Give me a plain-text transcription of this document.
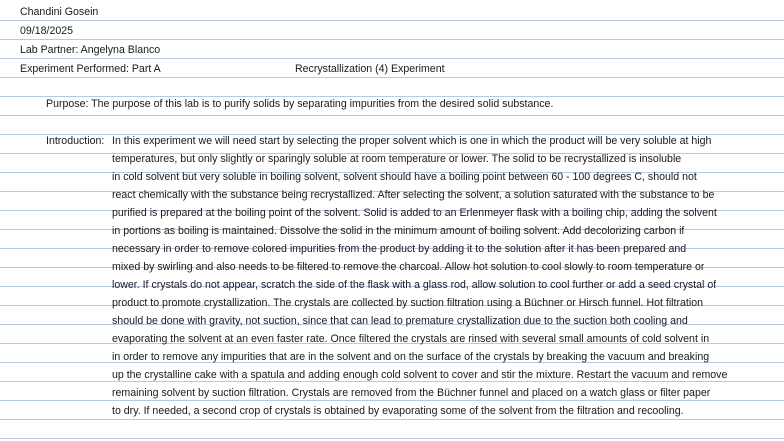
Chandini Gosein
09/18/2025
Lab Partner: Angelyna Blanco
Experiment Performed: Part A	Recrystallization (4) Experiment
Purpose: The purpose of this lab is to purify solids by separating impurities from the desired solid substance.
Introduction: In this experiment we will need start by selecting the proper solvent which is one in which the product will be very soluble at high
temperatures, but only slightly or sparingly soluble at room temperature or lower. The solid to be recrystallized is insoluble
in cold solvent but very soluble in boiling solvent, solvent should have a boiling point between 60 - 100 degrees C, should not
react chemically with the substance being recrystallized. After selecting the solvent, a solution saturated with the substance to be
purified is prepared at the boiling point of the solvent. Solid is added to an Erlenmeyer flask with a boiling chip, adding the solvent
in portions as boiling is maintained. Dissolve the solid in the minimum amount of boiling solvent. Add decolorizing carbon if
necessary in order to remove colored impurities from the product by adding it to the solution after it has been prepared and
mixed by swirling and also needs to be filtered to remove the charcoal. Allow hot solution to cool slowly to room temperature or
lower. If crystals do not appear, scratch the side of the flask with a glass rod, allow solution to cool further or add a seed crystal of
product to promote crystallization. The crystals are collected by suction filtration using a Büchner or Hirsch funnel. Hot filtration
should be done with gravity, not suction, since that can lead to premature crystallization due to the suction both cooling and
evaporating the solvent at an even faster rate. Once filtered the crystals are rinsed with several small amounts of cold solvent in
in order to remove any impurities that are in the solvent and on the surface of the crystals by breaking the vacuum and breaking
up the crystalline cake with a spatula and adding enough cold solvent to cover and stir the mixture. Restart the vacuum and remove
remaining solvent by suction filtration. Crystals are removed from the Büchner funnel and placed on a watch glass or filter paper
to dry. If needed, a second crop of crystals is obtained by evaporating some of the solvent from the filtration and recooling.
